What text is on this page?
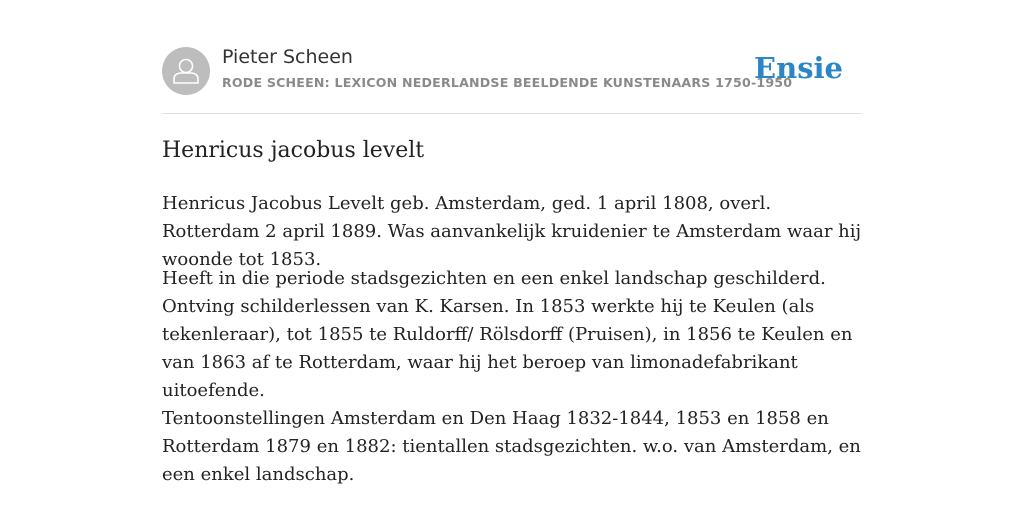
Pieter Scheen
RODE SCHEEN: LEXICON NEDERLANDSE BEELDENDE KUNSTENAARS 1750-1950
Ensie
Henricus jacobus levelt

Henricus Jacobus Levelt geb. Amsterdam, ged. 1 april 1808, overl. Rotterdam 2 april 1889. Was aanvankelijk kruidenier te Amsterdam waar hij woonde tot 1853.

Heeft in die periode stadsgezichten en een enkel landschap geschilderd. Ontving schilderlessen van K. Karsen. In 1853 werkte hij te Keulen (als tekenleraar), tot 1855 te Ruldorff/ Rölsdorff (Pruisen), in 1856 te Keulen en van 1863 af te Rotterdam, waar hij het beroep van limonadefabrikant uitoefende.

Tentoonstellingen Amsterdam en Den Haag 1832-1844, 1853 en 1858 en Rotterdam 1879 en 1882: tientallen stadsgezichten. w.o. van Amsterdam, en een enkel landschap.
